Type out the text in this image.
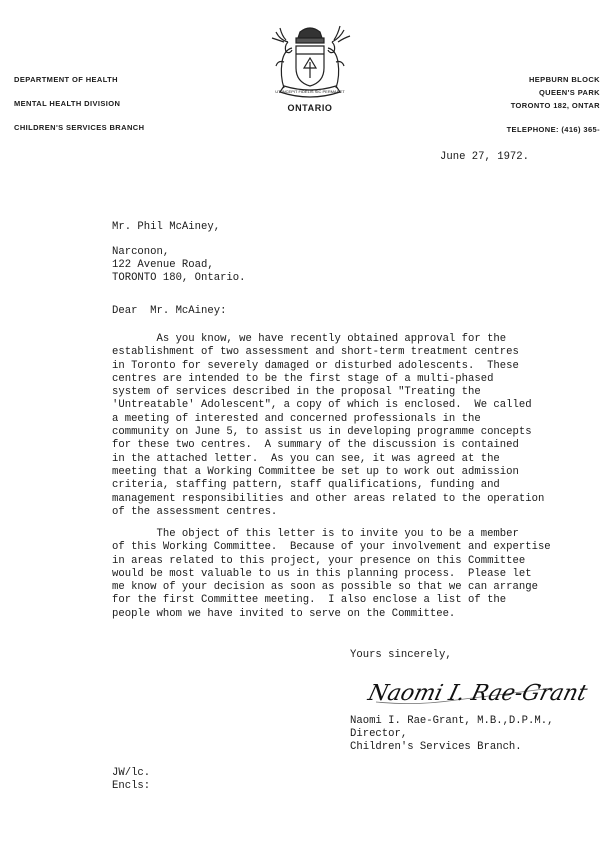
DEPARTMENT OF HEALTH
MENTAL HEALTH DIVISION
CHILDREN'S SERVICES BRANCH
UT INCEPIT FIDELIS SIC PERMANET
ONTARIO
HEPBURN BLOCK
QUEEN'S PARK
TORONTO 182, ONTAR
TELEPHONE: (416) 365-
June 27, 1972.
Mr. Phil McAiney,
Narconon,
122 Avenue Road,
TORONTO 180, Ontario.
Dear  Mr. McAiney:
As you know, we have recently obtained approval for the
establishment of two assessment and short-term treatment centres
in Toronto for severely damaged or disturbed adolescents.  These
centres are intended to be the first stage of a multi-phased
system of services described in the proposal "Treating the
'Untreatable' Adolescent", a copy of which is enclosed.  We called
a meeting of interested and concerned professionals in the
community on June 5, to assist us in developing programme concepts
for these two centres.  A summary of the discussion is contained
in the attached letter.  As you can see, it was agreed at the
meeting that a Working Committee be set up to work out admission
criteria, staffing pattern, staff qualifications, funding and
management responsibilities and other areas related to the operation
of the assessment centres.
The object of this letter is to invite you to be a member
of this Working Committee.  Because of your involvement and expertise
in areas related to this project, your presence on this Committee
would be most valuable to us in this planning process.  Please let
me know of your decision as soon as possible so that we can arrange
for the first Committee meeting.  I also enclose a list of the
people whom we have invited to serve on the Committee.
Yours sincerely,
Naomi I. Rae-Grant
Naomi I. Rae-Grant, M.B.,D.P.M.,
Director,
Children's Services Branch.
JW/lc.
Encls:
